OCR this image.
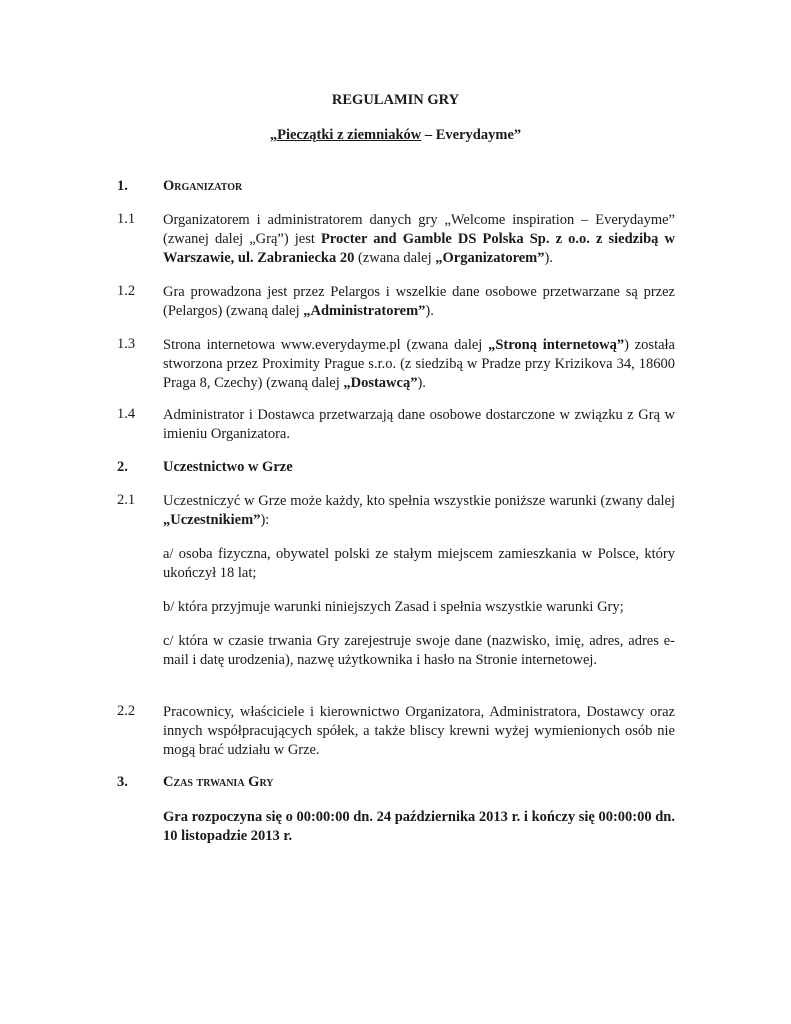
REGULAMIN GRY
„Pieczątki z ziemniaków – Everydayme”
1. Organizator
1.1 Organizatorem i administratorem danych gry „Welcome inspiration – Everydayme” (zwanej dalej „Grą”) jest Procter and Gamble DS Polska Sp. z o.o. z siedzibą w Warszawie, ul. Zabraniecka 20 (zwana dalej „Organizatorem”).
1.2 Gra prowadzona jest przez Pelargos i wszelkie dane osobowe przetwarzane są przez (Pelargos) (zwaną dalej „Administratorem”).
1.3 Strona internetowa www.everydayme.pl (zwana dalej „Stroną internetową”) została stworzona przez Proximity Prague s.r.o. (z siedzibą w Pradze przy Krizikova 34, 18600 Praga 8, Czechy) (zwaną dalej „Dostawcą”).
1.4 Administrator i Dostawca przetwarzają dane osobowe dostarczone w związku z Grą w imieniu Organizatora.
2. Uczestnictwo w Grze
2.1 Uczestniczyć w Grze może każdy, kto spełnia wszystkie poniższe warunki (zwany dalej „Uczestnikiem”):
a/ osoba fizyczna, obywatel polski ze stałym miejscem zamieszkania w Polsce, który ukończył 18 lat;
b/ która przyjmuje warunki niniejszych Zasad i spełnia wszystkie warunki Gry;
c/ która w czasie trwania Gry zarejestruje swoje dane (nazwisko, imię, adres, adres e-mail i datę urodzenia), nazwę użytkownika i hasło na Stronie internetowej.
2.2 Pracownicy, właściciele i kierownictwo Organizatora, Administratora, Dostawcy oraz innych współpracujących spółek, a także bliscy krewni wyżej wymienionych osób nie mogą brać udziału w Grze.
3. Czas trwania Gry
Gra rozpoczyna się o 00:00:00 dn. 24 października 2013 r. i kończy się 00:00:00 dn. 10 listopadzie 2013 r.
